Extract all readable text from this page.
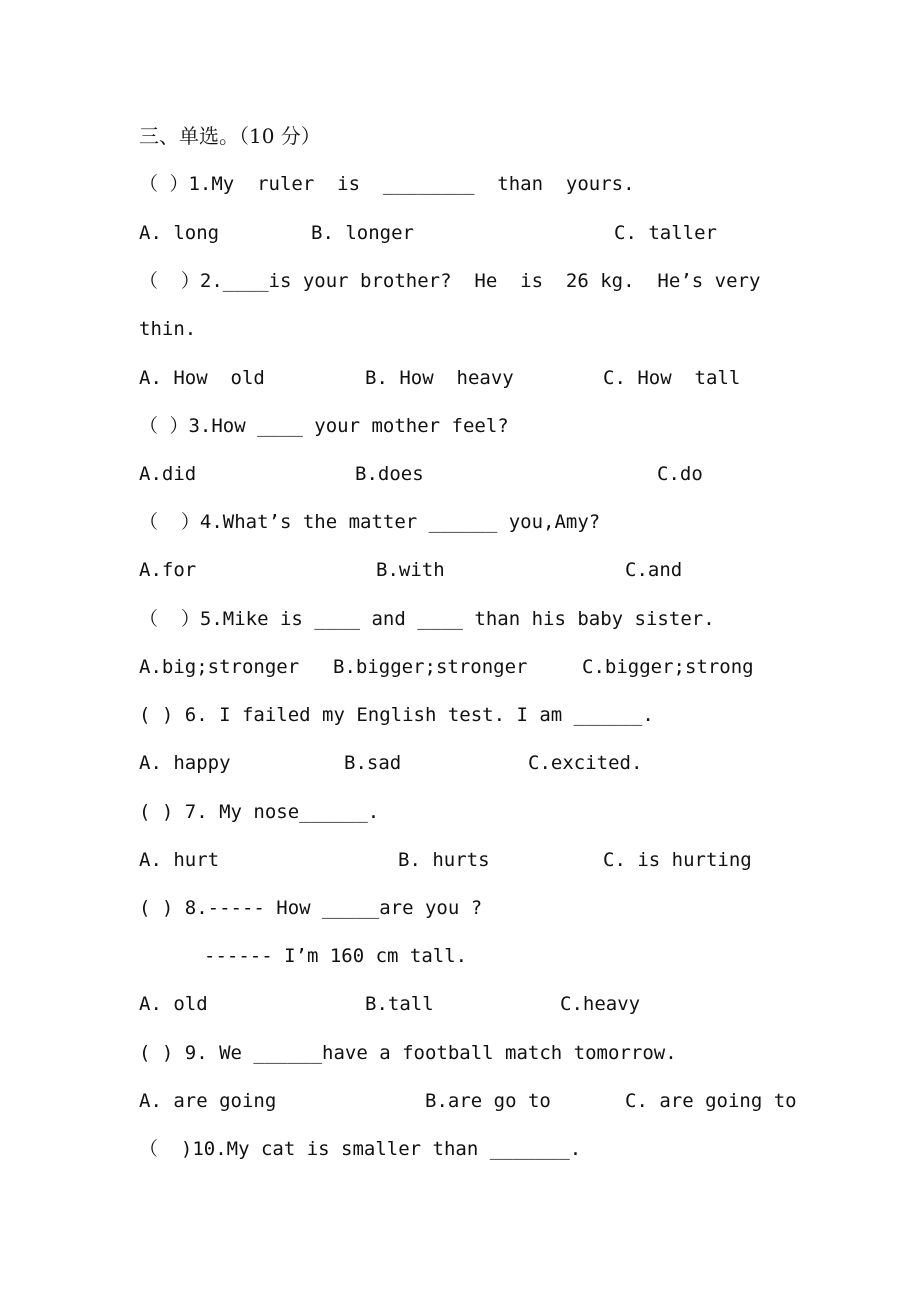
三、单选。（10 分）
（ ）1.My  ruler  is  ________  than  yours.
A. long	B. longer	C. taller
（  ）2.____is your brother?  He  is  26 kg.  He’s very
thin.
A. How  old	B. How  heavy	C. How  tall
（ ）3.How ____ your mother feel?
A.did	B.does	C.do
（  ）4.What’s the matter ______ you,Amy?
A.for	B.with	C.and
（  ）5.Mike is ____ and ____ than his baby sister.
A.big;stronger B.bigger;stronger	C.bigger;strong
( ) 6. I failed my English test. I am ______.
A. happy	B.sad	C.excited.
( ) 7. My nose______.
A. hurt	B. hurts	C. is hurting
( ) 8.----- How _____are you ?
------ I’m 160 cm tall.
A. old	B.tall	C.heavy
( ) 9. We ______have a football match tomorrow.
A. are going	B.are go to	C. are going to
（  )10.My cat is smaller than _______.
